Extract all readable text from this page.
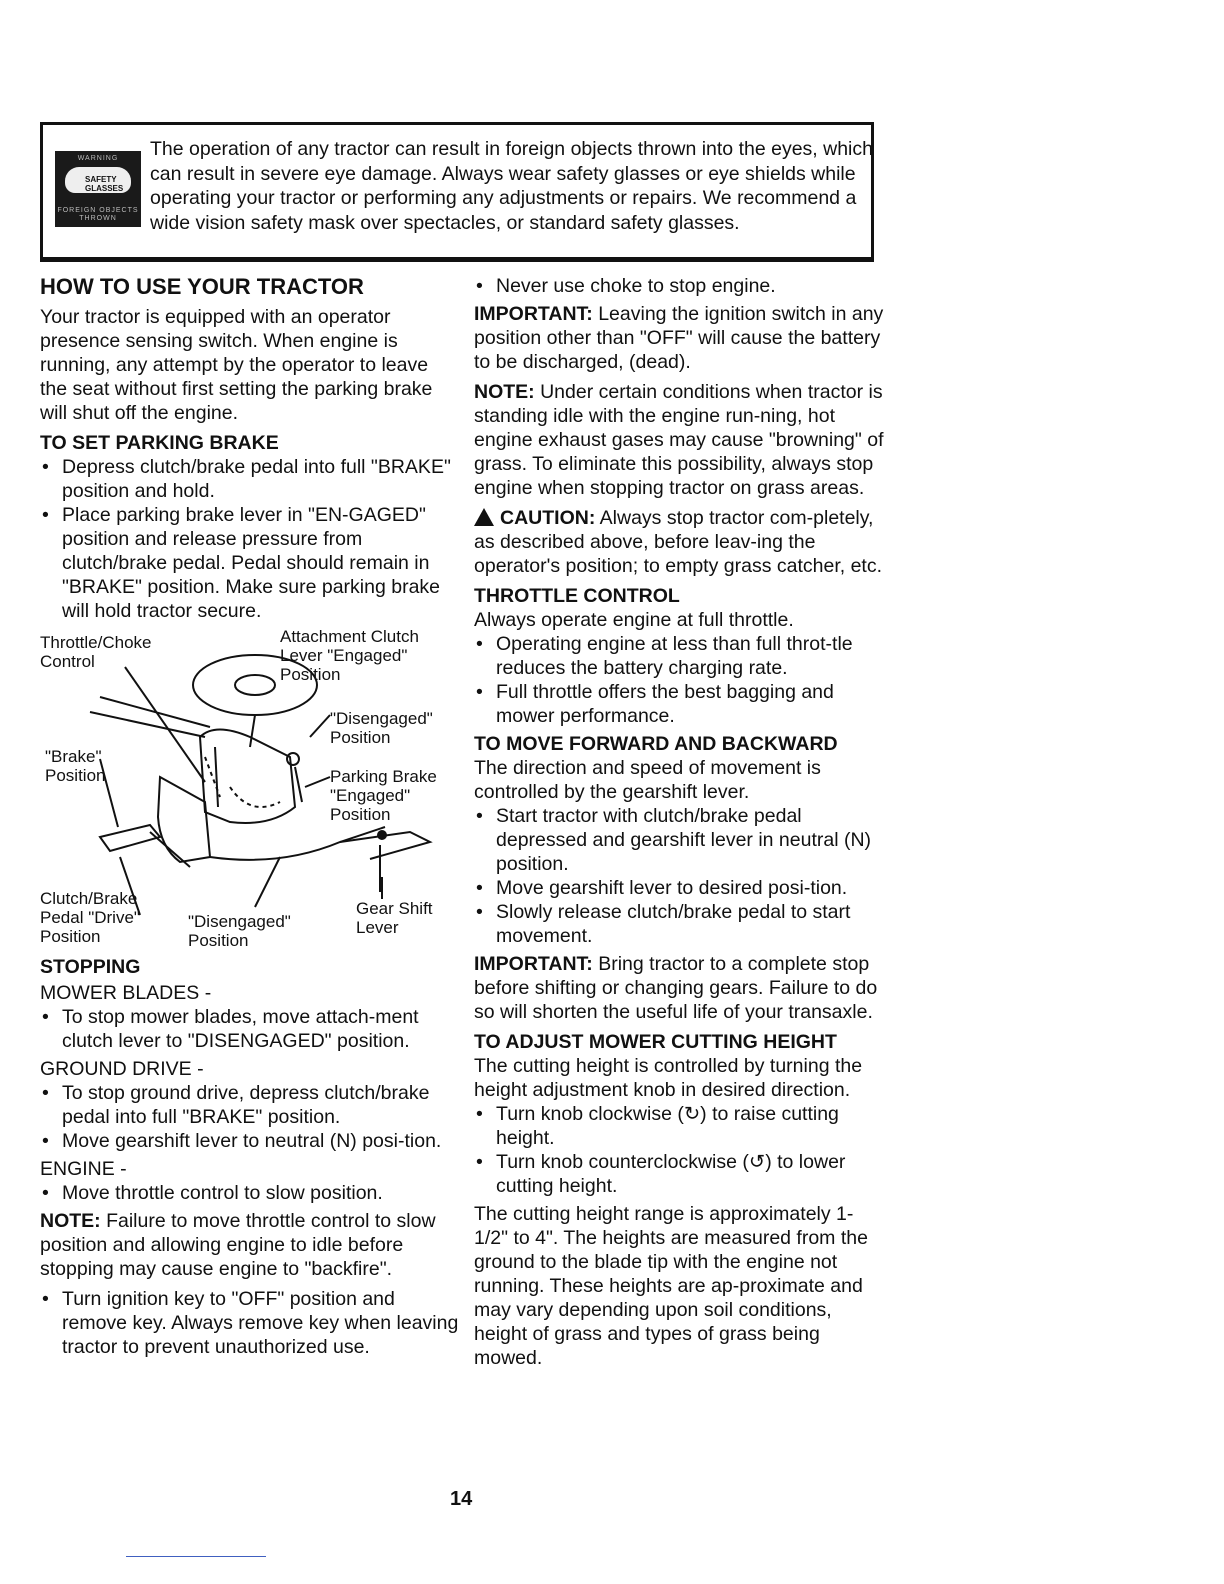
WARNING
SAFETY GLASSES
FOREIGN OBJECTS THROWN
The operation of any tractor can result in foreign objects thrown into the eyes, which can result in severe eye damage. Always wear safety glasses or eye shields while operating your tractor or performing any adjustments or repairs. We recommend a wide vision safety mask over spectacles, or standard safety glasses.
HOW TO USE YOUR TRACTOR

Your tractor is equipped with an operator presence sensing switch. When engine is running, any attempt by the operator to leave the seat without first setting the parking brake will shut off the engine.

TO SET PARKING BRAKE
• Depress clutch/brake pedal into full "BRAKE" position and hold.
• Place parking brake lever in "EN-GAGED" position and release pressure from clutch/brake pedal. Pedal should remain in "BRAKE" position. Make sure parking brake will hold tractor secure.
Throttle/Choke Control
Attachment Clutch Lever "Engaged" Position
"Disengaged" Position
"Brake" Position	Parking Brake "Engaged" Position
Clutch/Brake Pedal "Drive" Position
"Disengaged" Position
Gear Shift Lever
STOPPING
MOWER BLADES -
• To stop mower blades, move attach-ment clutch lever to "DISENGAGED" position.
GROUND DRIVE -
• To stop ground drive, depress clutch/brake pedal into full "BRAKE" position.
• Move gearshift lever to neutral (N) posi-tion.
ENGINE -
• Move throttle control to slow position.

NOTE: Failure to move throttle control to slow position and allowing engine to idle before stopping may cause engine to "backfire".

• Turn ignition key to "OFF" position and remove key. Always remove key when leaving tractor to prevent unauthorized use.
• Never use choke to stop engine.

IMPORTANT: Leaving the ignition switch in any position other than "OFF" will cause the battery to be discharged, (dead).

NOTE: Under certain conditions when tractor is standing idle with the engine run-ning, hot engine exhaust gases may cause "browning" of grass. To eliminate this possibility, always stop engine when stopping tractor on grass areas.

CAUTION: Always stop tractor com-pletely, as described above, before leav-ing the operator's position; to empty grass catcher, etc.

THROTTLE CONTROL
Always operate engine at full throttle.
• Operating engine at less than full throt-tle reduces the battery charging rate.
• Full throttle offers the best bagging and mower performance.
TO MOVE FORWARD AND BACKWARD
The direction and speed of movement is controlled by the gearshift lever.
• Start tractor with clutch/brake pedal depressed and gearshift lever in neutral (N) position.
• Move gearshift lever to desired posi-tion.
• Slowly release clutch/brake pedal to start movement.

IMPORTANT: Bring tractor to a complete stop before shifting or changing gears. Failure to do so will shorten the useful life of your transaxle.

TO ADJUST MOWER CUTTING HEIGHT
The cutting height is controlled by turning the height adjustment knob in desired direction.
• Turn knob clockwise (↻) to raise cutting height.
• Turn knob counterclockwise (↺) to lower cutting height.

The cutting height range is approximately 1-1/2" to 4". The heights are measured from the ground to the blade tip with the engine not running. These heights are ap-proximate and may vary depending upon soil conditions, height of grass and types of grass being mowed.

14
